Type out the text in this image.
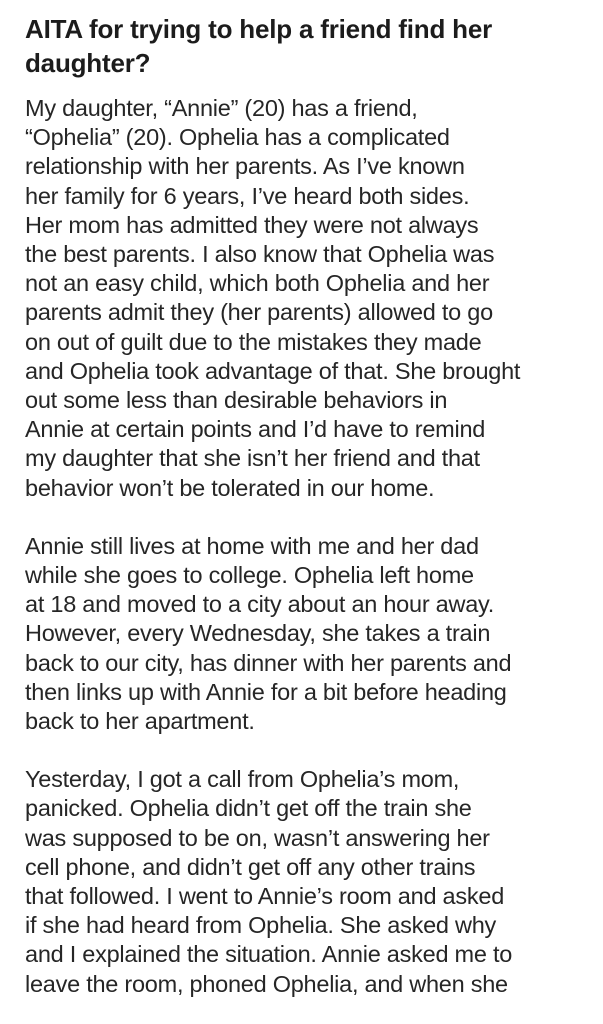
AITA for trying to help a friend find her
daughter?

My daughter, “Annie” (20) has a friend,
“Ophelia” (20). Ophelia has a complicated
relationship with her parents. As I’ve known
her family for 6 years, I’ve heard both sides.
Her mom has admitted they were not always
the best parents. I also know that Ophelia was
not an easy child, which both Ophelia and her
parents admit they (her parents) allowed to go
on out of guilt due to the mistakes they made
and Ophelia took advantage of that. She brought
out some less than desirable behaviors in
Annie at certain points and I’d have to remind
my daughter that she isn’t her friend and that
behavior won’t be tolerated in our home.

Annie still lives at home with me and her dad
while she goes to college. Ophelia left home
at 18 and moved to a city about an hour away.
However, every Wednesday, she takes a train
back to our city, has dinner with her parents and
then links up with Annie for a bit before heading
back to her apartment.

Yesterday, I got a call from Ophelia’s mom,
panicked. Ophelia didn’t get off the train she
was supposed to be on, wasn’t answering her
cell phone, and didn’t get off any other trains
that followed. I went to Annie’s room and asked
if she had heard from Ophelia. She asked why
and I explained the situation. Annie asked me to
leave the room, phoned Ophelia, and when she
